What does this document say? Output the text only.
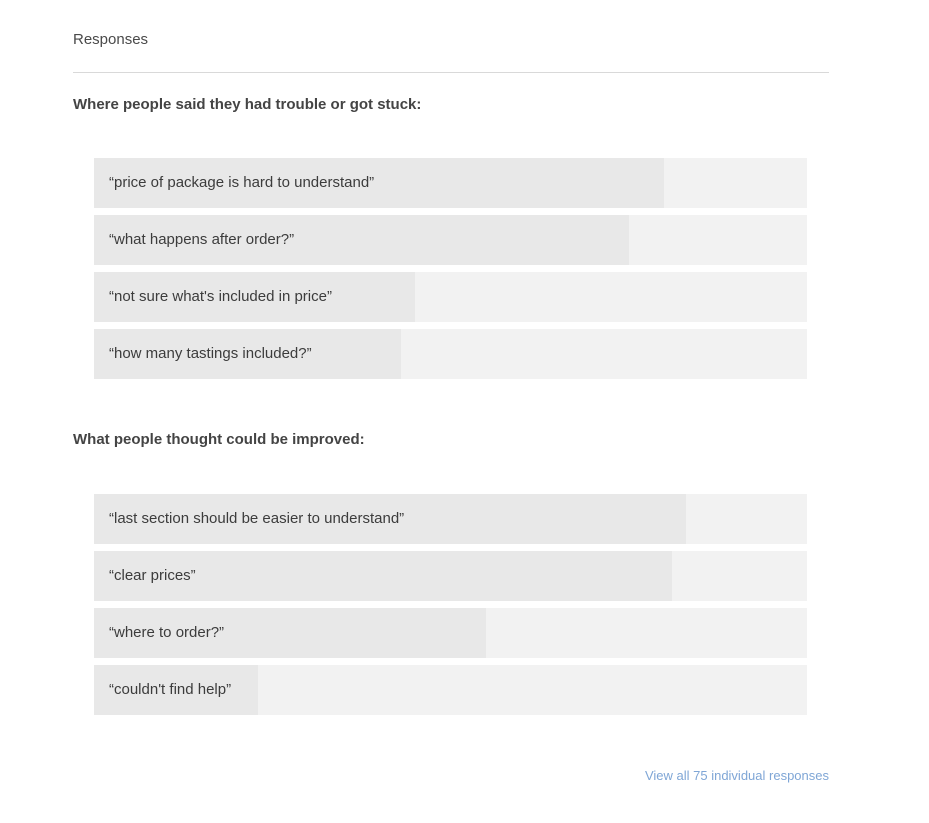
Responses
Where people said they had trouble or got stuck:
“price of package is hard to understand”
“what happens after order?”
“not sure what's included in price”
“how many tastings included?”
What people thought could be improved:
“last section should be easier to understand”
“clear prices”
“where to order?”
“couldn't find help”
View all 75 individual responses
